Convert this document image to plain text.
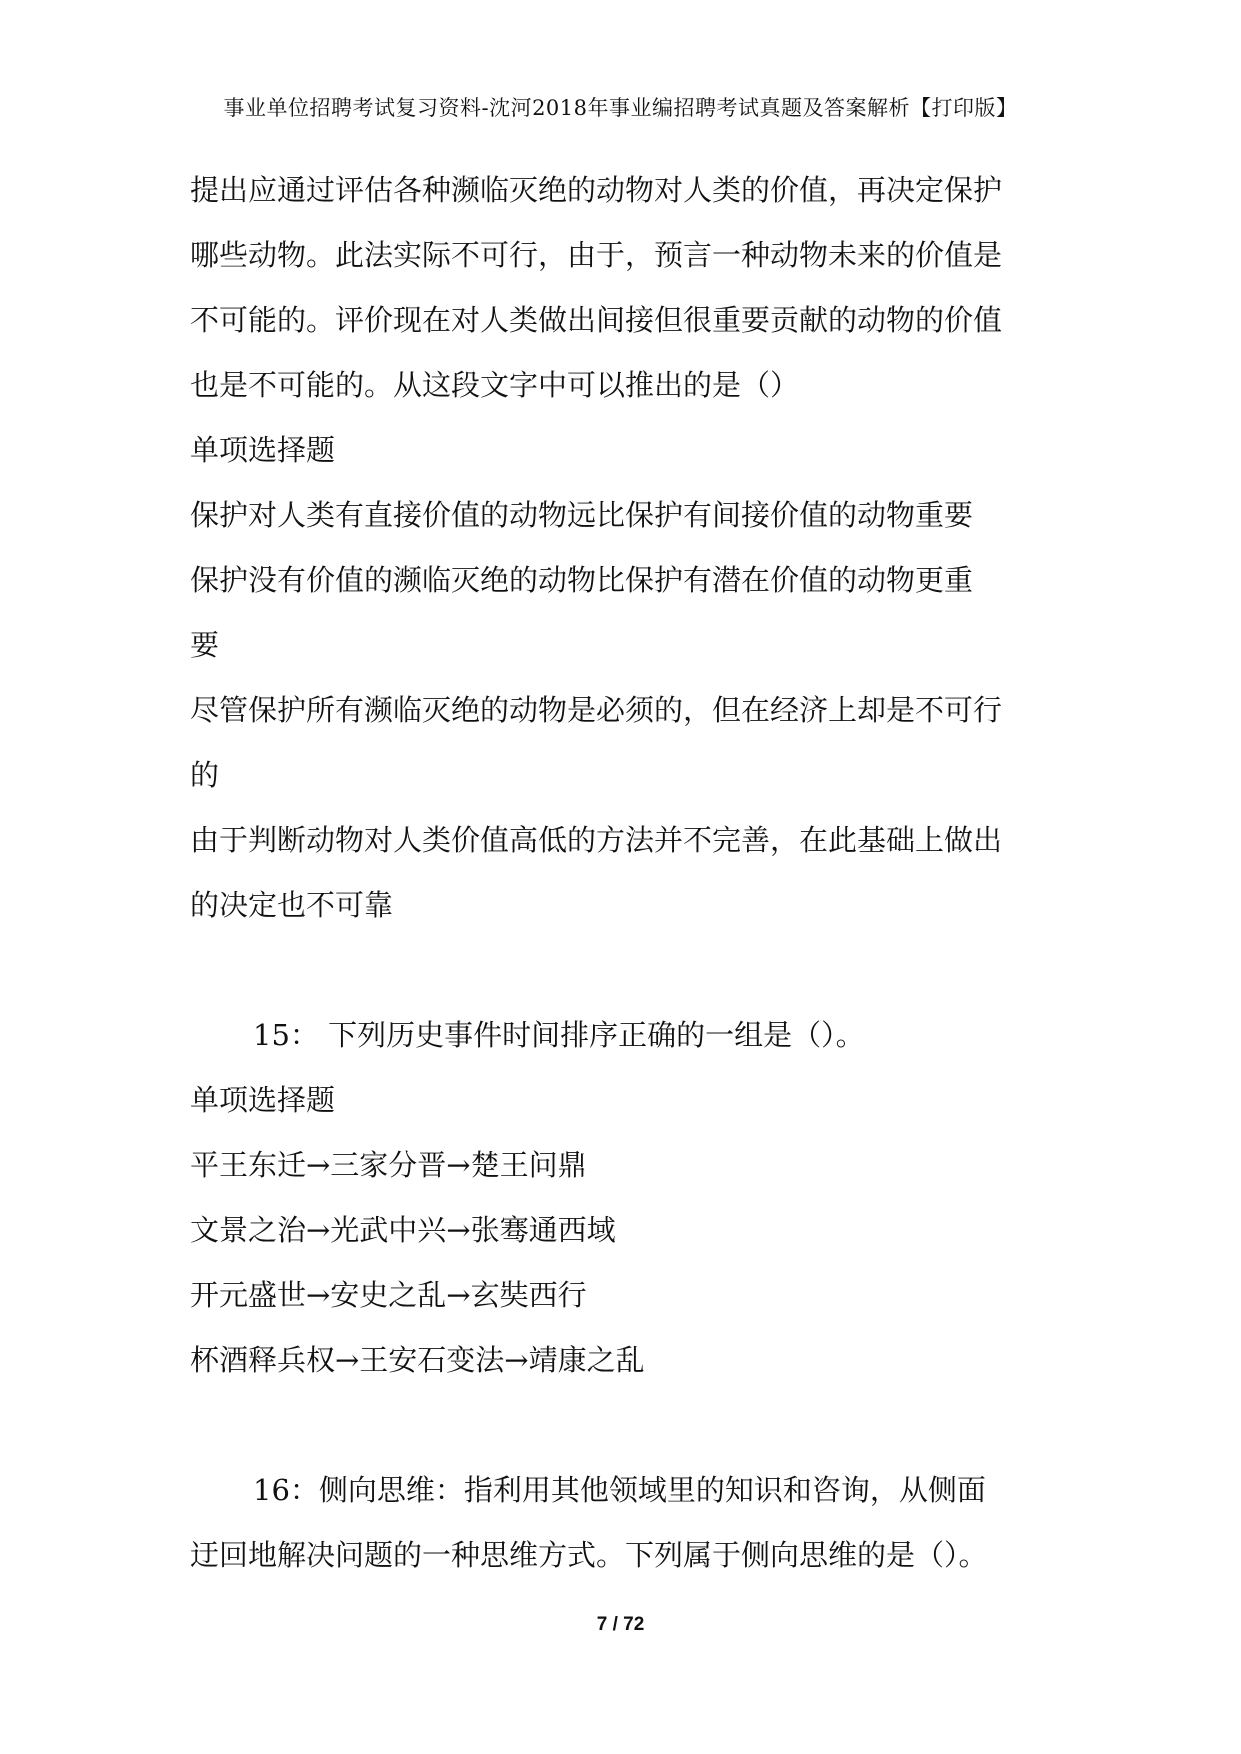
事业单位招聘考试复习资料-沈河2018年事业编招聘考试真题及答案解析【打印版】
提出应通过评估各种濒临灭绝的动物对人类的价值，再决定保护
哪些动物。此法实际不可行，由于，预言一种动物未来的价值是
不可能的。评价现在对人类做出间接但很重要贡献的动物的价值
也是不可能的。从这段文字中可以推出的是（）
单项选择题
保护对人类有直接价值的动物远比保护有间接价值的动物重要
保护没有价值的濒临灭绝的动物比保护有潜在价值的动物更重
要
尽管保护所有濒临灭绝的动物是必须的，但在经济上却是不可行
的
由于判断动物对人类价值高低的方法并不完善，在此基础上做出
的决定也不可靠
15： 下列历史事件时间排序正确的一组是（）。
单项选择题
平王东迁→三家分晋→楚王问鼎
文景之治→光武中兴→张骞通西域
开元盛世→安史之乱→玄奘西行
杯酒释兵权→王安石变法→靖康之乱
16：侧向思维：指利用其他领域里的知识和咨询，从侧面
迂回地解决问题的一种思维方式。下列属于侧向思维的是（）。
7 / 72
